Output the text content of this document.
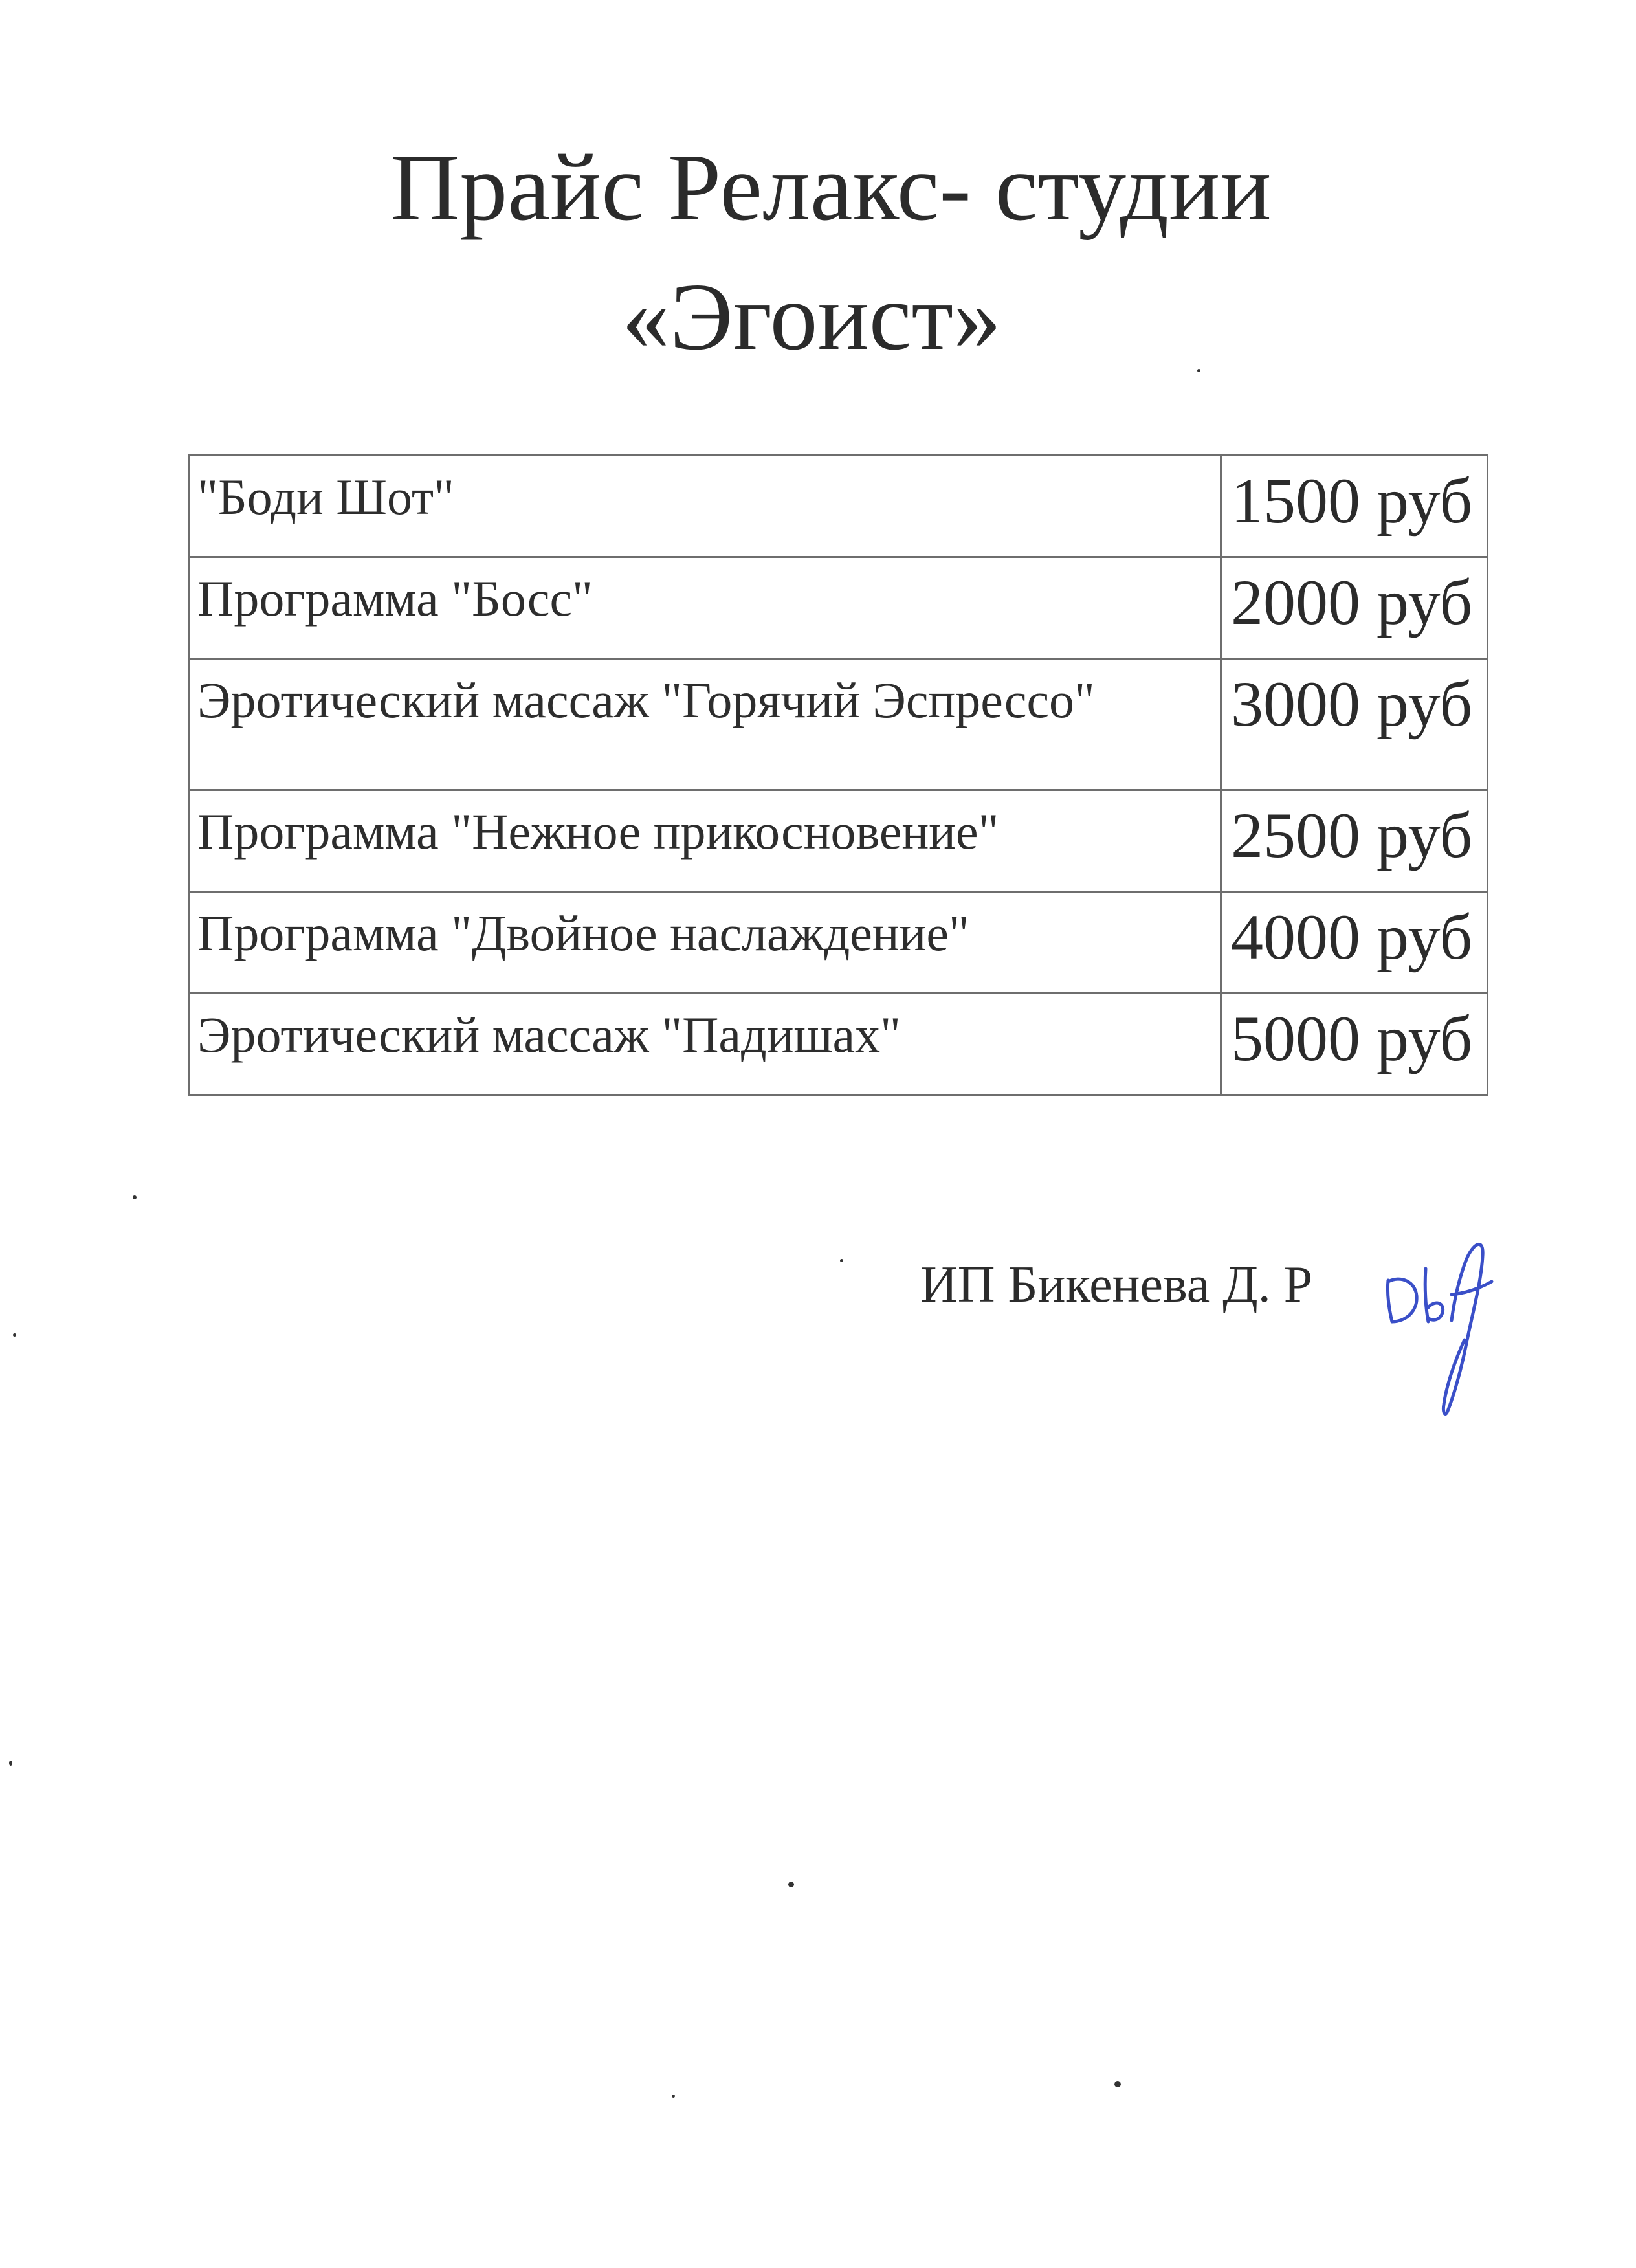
Прайс Релакс- студии
«Эгоист»
"Боди Шот"	1500 руб
Программа "Босс"	2000 руб
Эротический массаж "Горячий Эспрессо"	3000 руб
Программа "Нежное прикосновение"	2500 руб
Программа "Двойное наслаждение"	4000 руб
Эротический массаж "Падишах"	5000 руб
ИП Бикенева Д. Р
